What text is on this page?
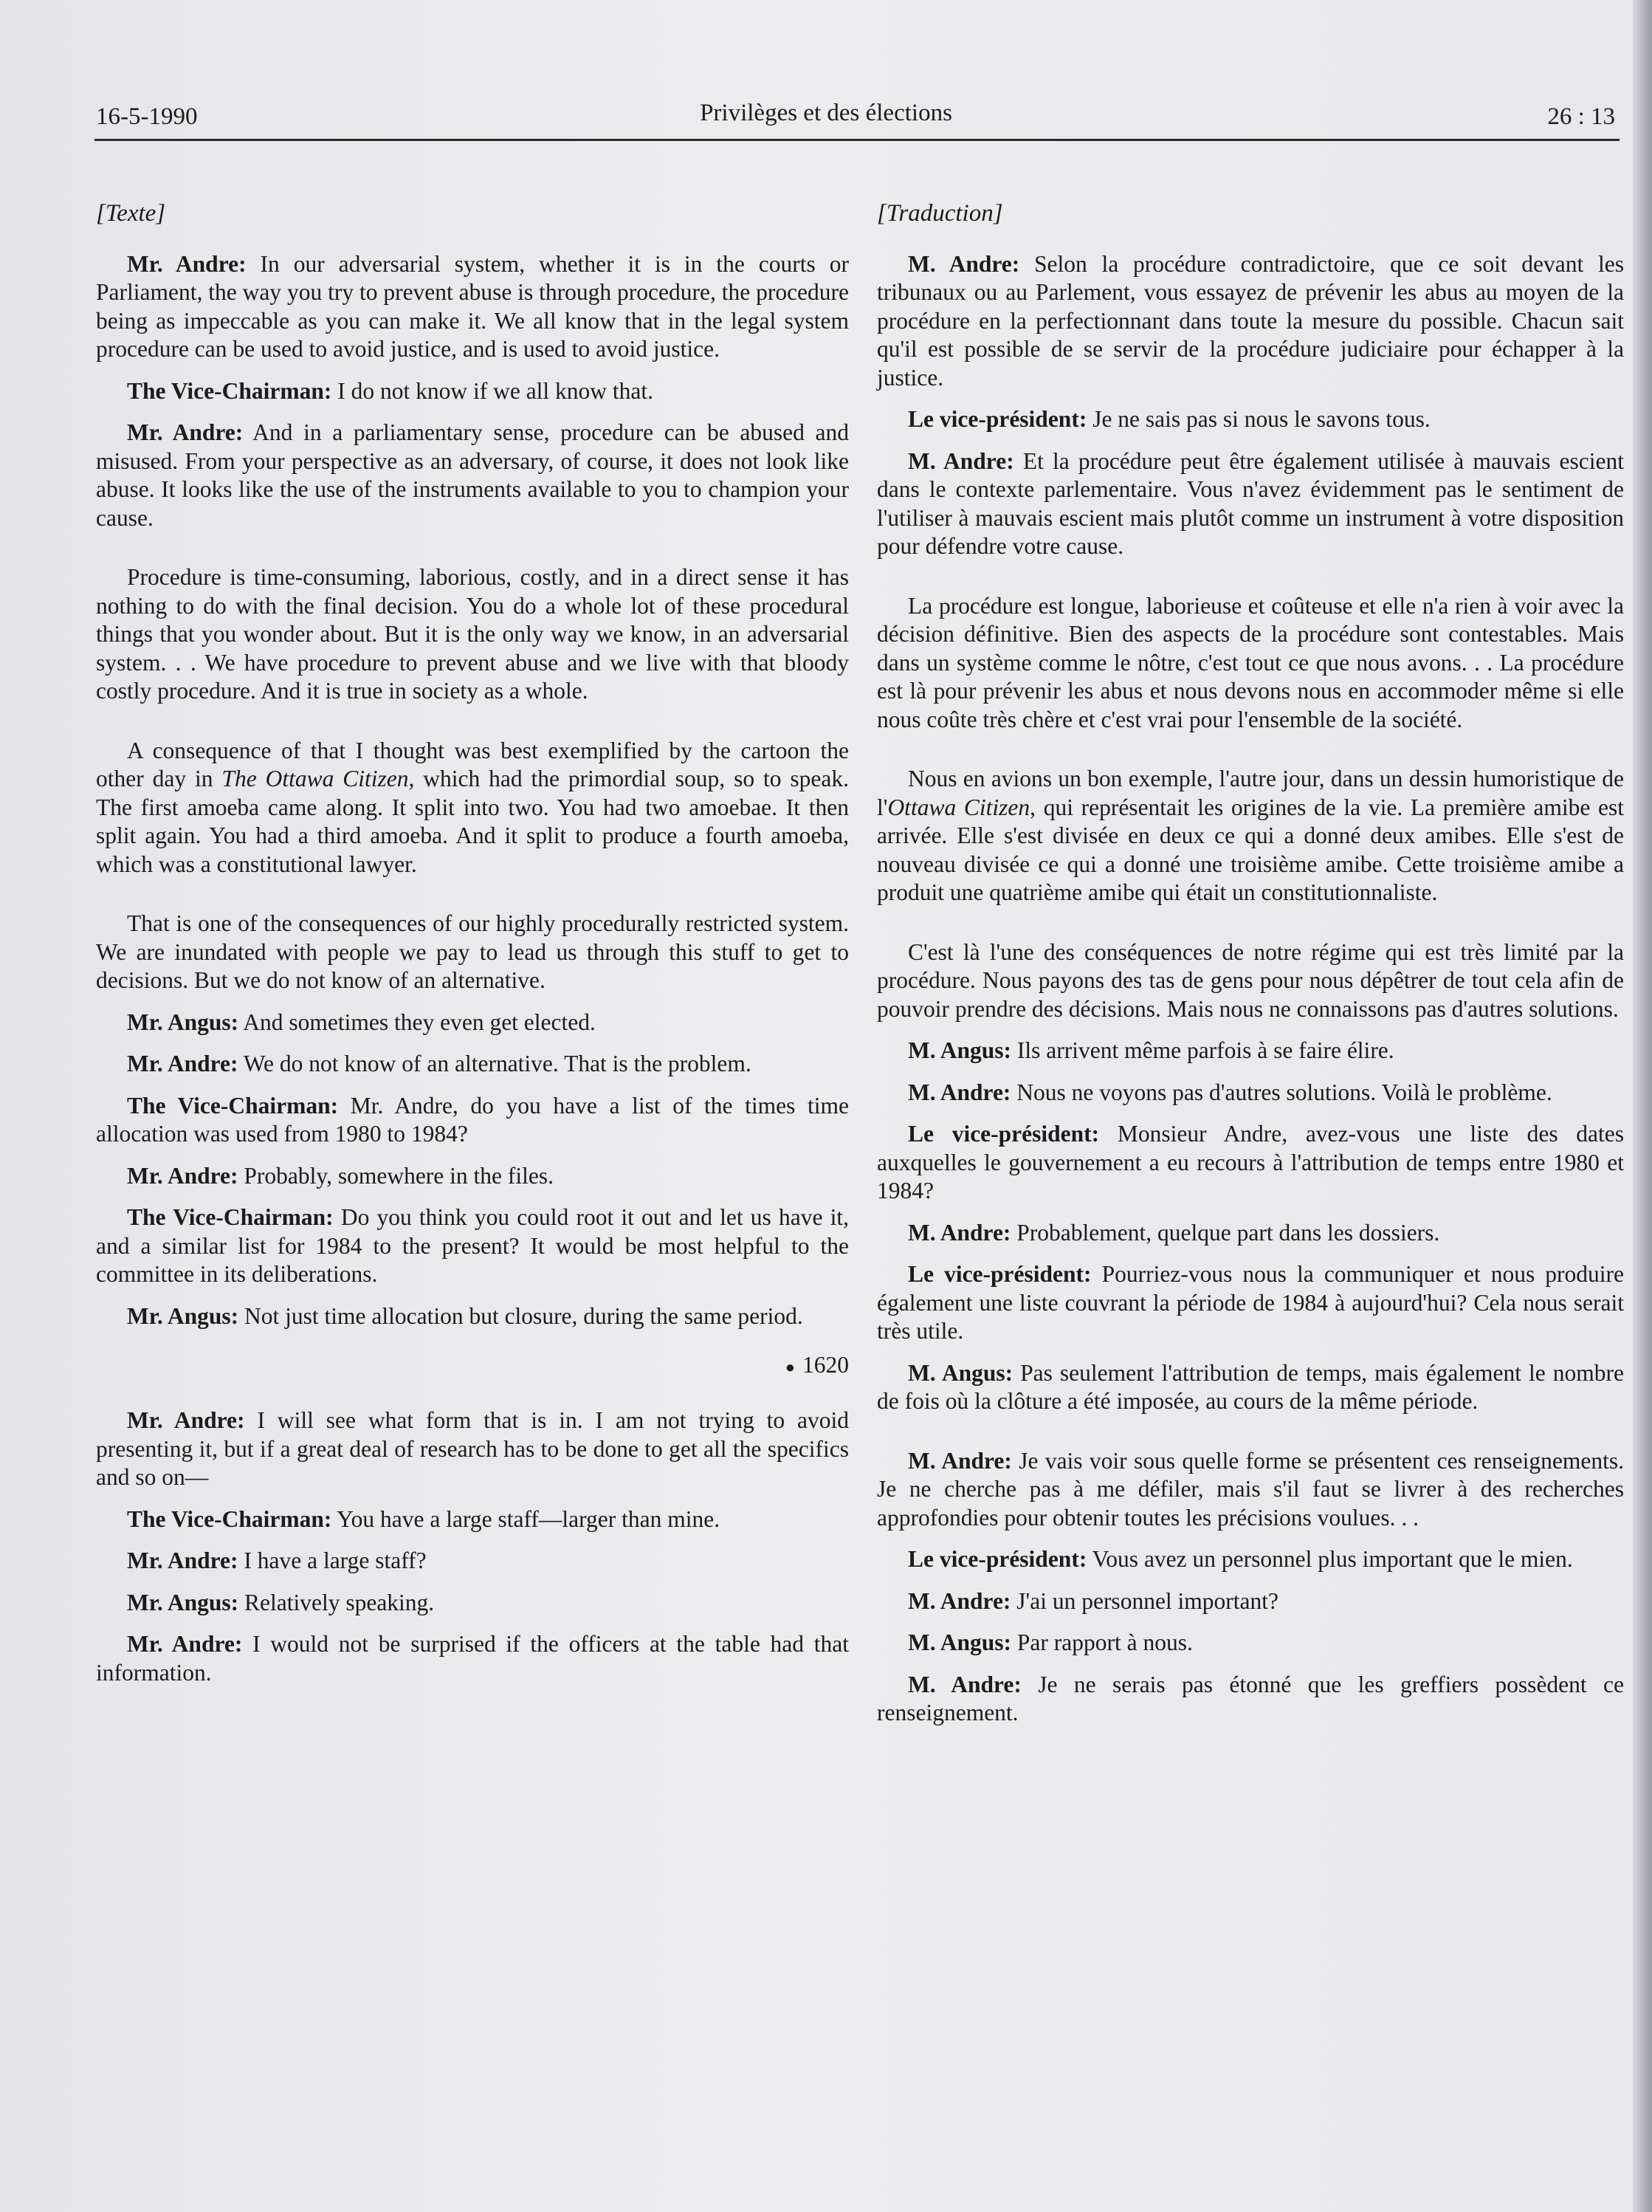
16-5-1990	Privilèges et des élections	26 : 13
[Texte]

Mr. Andre: In our adversarial system, whether it is in the courts or Parliament, the way you try to prevent abuse is through procedure, the procedure being as impeccable as you can make it. We all know that in the legal system procedure can be used to avoid justice, and is used to avoid justice.

The Vice-Chairman: I do not know if we all know that.

Mr. Andre: And in a parliamentary sense, procedure can be abused and misused. From your perspective as an adversary, of course, it does not look like abuse. It looks like the use of the instruments available to you to champion your cause.

Procedure is time-consuming, laborious, costly, and in a direct sense it has nothing to do with the final decision. You do a whole lot of these procedural things that you wonder about. But it is the only way we know, in an adversarial system. . . We have procedure to prevent abuse and we live with that bloody costly procedure. And it is true in society as a whole.

A consequence of that I thought was best exemplified by the cartoon the other day in The Ottawa Citizen, which had the primordial soup, so to speak. The first amoeba came along. It split into two. You had two amoebae. It then split again. You had a third amoeba. And it split to produce a fourth amoeba, which was a constitutional lawyer.

That is one of the consequences of our highly procedurally restricted system. We are inundated with people we pay to lead us through this stuff to get to decisions. But we do not know of an alternative.

Mr. Angus: And sometimes they even get elected.

Mr. Andre: We do not know of an alternative. That is the problem.

The Vice-Chairman: Mr. Andre, do you have a list of the times time allocation was used from 1980 to 1984?

Mr. Andre: Probably, somewhere in the files.

The Vice-Chairman: Do you think you could root it out and let us have it, and a similar list for 1984 to the present? It would be most helpful to the committee in its deliberations.

Mr. Angus: Not just time allocation but closure, during the same period.

● 1620

Mr. Andre: I will see what form that is in. I am not trying to avoid presenting it, but if a great deal of research has to be done to get all the specifics and so on—

The Vice-Chairman: You have a large staff—larger than mine.

Mr. Andre: I have a large staff?

Mr. Angus: Relatively speaking.

Mr. Andre: I would not be surprised if the officers at the table had that information.

[Traduction]

M. Andre: Selon la procédure contradictoire, que ce soit devant les tribunaux ou au Parlement, vous essayez de prévenir les abus au moyen de la procédure en la perfectionnant dans toute la mesure du possible. Chacun sait qu'il est possible de se servir de la procédure judiciaire pour échapper à la justice.

Le vice-président: Je ne sais pas si nous le savons tous.

M. Andre: Et la procédure peut être également utilisée à mauvais escient dans le contexte parlementaire. Vous n'avez évidemment pas le sentiment de l'utiliser à mauvais escient mais plutôt comme un instrument à votre disposition pour défendre votre cause.

La procédure est longue, laborieuse et coûteuse et elle n'a rien à voir avec la décision définitive. Bien des aspects de la procédure sont contestables. Mais dans un système comme le nôtre, c'est tout ce que nous avons. . . La procédure est là pour prévenir les abus et nous devons nous en accommoder même si elle nous coûte très chère et c'est vrai pour l'ensemble de la société.

Nous en avions un bon exemple, l'autre jour, dans un dessin humoristique de l'Ottawa Citizen, qui représentait les origines de la vie. La première amibe est arrivée. Elle s'est divisée en deux ce qui a donné deux amibes. Elle s'est de nouveau divisée ce qui a donné une troisième amibe. Cette troisième amibe a produit une quatrième amibe qui était un constitutionnaliste.

C'est là l'une des conséquences de notre régime qui est très limité par la procédure. Nous payons des tas de gens pour nous dépêtrer de tout cela afin de pouvoir prendre des décisions. Mais nous ne connaissons pas d'autres solutions.

M. Angus: Ils arrivent même parfois à se faire élire.

M. Andre: Nous ne voyons pas d'autres solutions. Voilà le problème.

Le vice-président: Monsieur Andre, avez-vous une liste des dates auxquelles le gouvernement a eu recours à l'attribution de temps entre 1980 et 1984?

M. Andre: Probablement, quelque part dans les dossiers.

Le vice-président: Pourriez-vous nous la communiquer et nous produire également une liste couvrant la période de 1984 à aujourd'hui? Cela nous serait très utile.

M. Angus: Pas seulement l'attribution de temps, mais également le nombre de fois où la clôture a été imposée, au cours de la même période.

M. Andre: Je vais voir sous quelle forme se présentent ces renseignements. Je ne cherche pas à me défiler, mais s'il faut se livrer à des recherches approfondies pour obtenir toutes les précisions voulues. . .

Le vice-président: Vous avez un personnel plus important que le mien.

M. Andre: J'ai un personnel important?

M. Angus: Par rapport à nous.

M. Andre: Je ne serais pas étonné que les greffiers possèdent ce renseignement.
